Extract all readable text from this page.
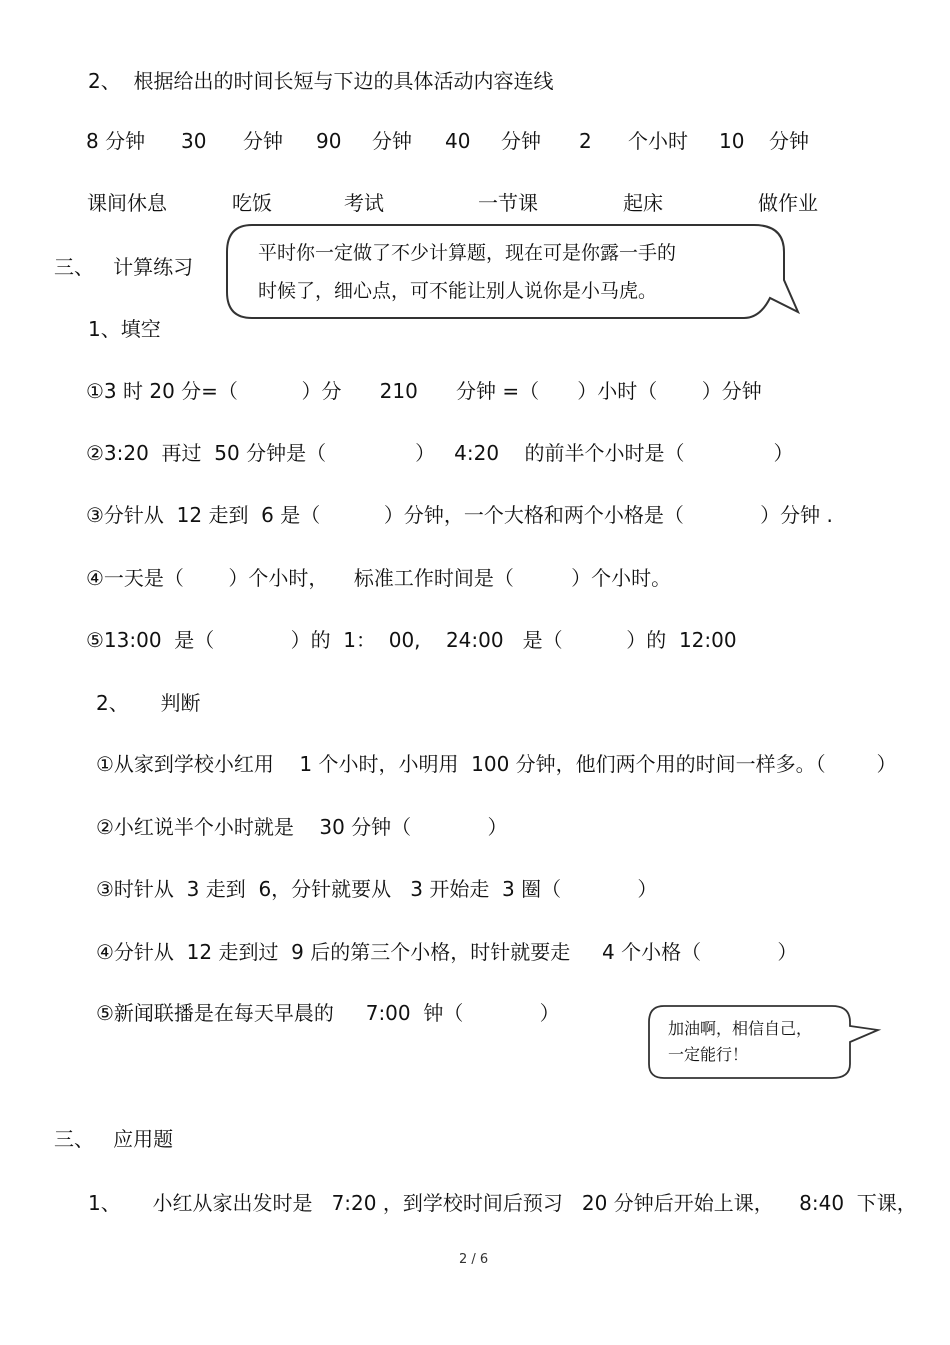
2、  根据给出的时间长短与下边的具体活动内容连线
8 分钟 30 分钟 90 分钟 40 分钟 2 个小时 10 分钟
课间休息	吃饭	考试	一节课	起床	做作业
三、   计算练习
平时你一定做了不少计算题，现在可是你露一手的
时候了，细心点，可不能让别人说你是小马虎。
1、填空
①3 时 20 分=（          ）分      210      分钟 =（      ）小时（       ）分钟
②3:20  再过  50 分钟是（              ）   4:20    的前半个小时是（              ）
③分针从  12 走到  6 是（          ）分钟，一个大格和两个小格是（            ）分钟 .
④一天是（       ）个小时，    标准工作时间是（         ）个小时。
⑤13:00  是（            ）的  1：  00,    24:00   是（          ）的  12:00
2、     判断
①从家到学校小红用    1 个小时，小明用  100 分钟，他们两个用的时间一样多。（        ）
②小红说半个小时就是    30 分钟（            ）
③时针从  3 走到  6，分针就要从   3 开始走  3 圈（            ）
④分针从  12 走到过  9 后的第三个小格，时针就要走     4 个小格（            ）
⑤新闻联播是在每天早晨的     7:00  钟（            ）
加油啊，相信自己，
一定能行！
三、   应用题
1、     小红从家出发时是   7:20 ，到学校时间后预习   20 分钟后开始上课，    8:40  下课，
2 / 6
